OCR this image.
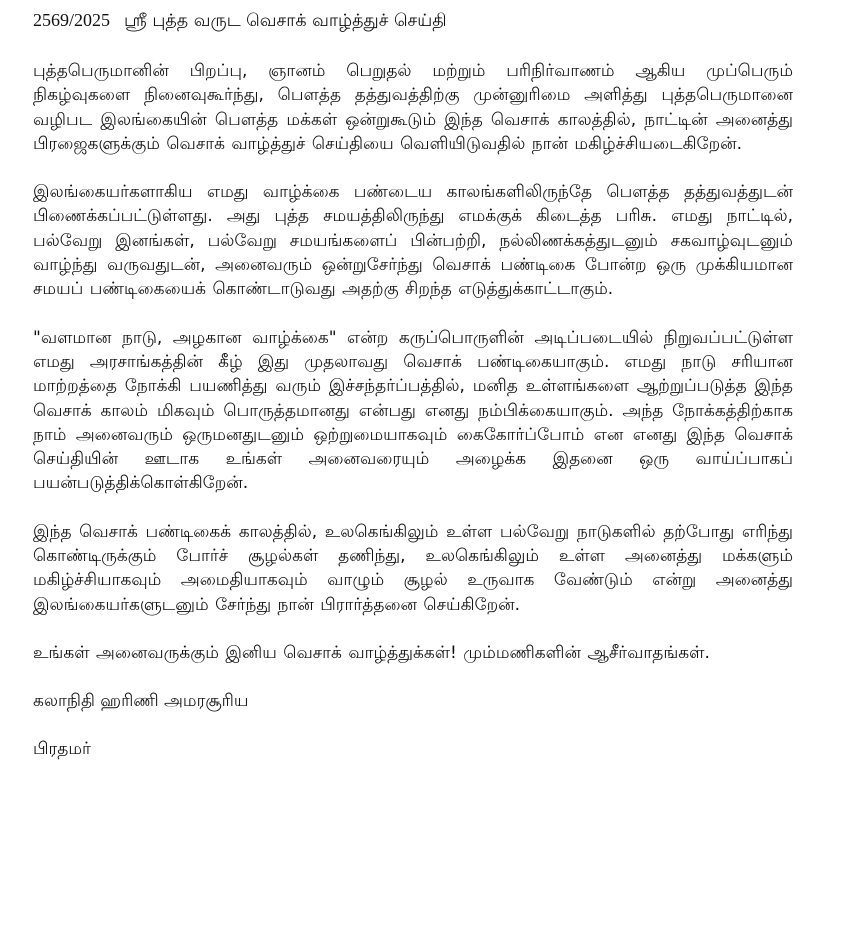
2569/2025 ஸ்ரீ புத்த வருட வெசாக் வாழ்த்துச் செய்தி

புத்தபெருமானின் பிறப்பு, ஞானம் பெறுதல் மற்றும் பரிநிர்வாணம் ஆகிய முப்பெரும் நிகழ்வுகளை நினைவுகூர்ந்து, பௌத்த தத்துவத்திற்கு முன்னுரிமை அளித்து புத்தபெருமானை வழிபட இலங்கையின் பௌத்த மக்கள் ஒன்றுகூடும் இந்த வெசாக் காலத்தில், நாட்டின் அனைத்து பிரஜைகளுக்கும் வெசாக் வாழ்த்துச் செய்தியை வெளியிடுவதில் நான் மகிழ்ச்சியடைகிறேன்.

இலங்கையர்களாகிய எமது வாழ்க்கை பண்டைய காலங்களிலிருந்தே பௌத்த தத்துவத்துடன் பிணைக்கப்பட்டுள்ளது. அது புத்த சமயத்திலிருந்து எமக்குக் கிடைத்த பரிசு. எமது நாட்டில், பல்வேறு இனங்கள், பல்வேறு சமயங்களைப் பின்பற்றி, நல்லிணக்கத்துடனும் சகவாழ்வுடனும் வாழ்ந்து வருவதுடன், அனைவரும் ஒன்றுசேர்ந்து வெசாக் பண்டிகை போன்ற ஒரு முக்கியமான சமயப் பண்டிகையைக் கொண்டாடுவது அதற்கு சிறந்த எடுத்துக்காட்டாகும்.

"வளமான நாடு, அழகான வாழ்க்கை" என்ற கருப்பொருளின் அடிப்படையில் நிறுவப்பட்டுள்ள எமது அரசாங்கத்தின் கீழ் இது முதலாவது வெசாக் பண்டிகையாகும். எமது நாடு சரியான மாற்றத்தை நோக்கி பயணித்து வரும் இச்சந்தர்ப்பத்தில், மனித உள்ளங்களை ஆற்றுப்படுத்த இந்த வெசாக் காலம் மிகவும் பொருத்தமானது என்பது எனது நம்பிக்கையாகும். அந்த நோக்கத்திற்காக நாம் அனைவரும் ஒருமனதுடனும் ஒற்றுமையாகவும் கைகோர்ப்போம் என எனது இந்த வெசாக் செய்தியின் ஊடாக உங்கள் அனைவரையும் அழைக்க இதனை ஒரு வாய்ப்பாகப் பயன்படுத்திக்கொள்கிறேன்.

இந்த வெசாக் பண்டிகைக் காலத்தில், உலகெங்கிலும் உள்ள பல்வேறு நாடுகளில் தற்போது எரிந்து கொண்டிருக்கும் போர்ச் சூழல்கள் தணிந்து, உலகெங்கிலும் உள்ள அனைத்து மக்களும் மகிழ்ச்சியாகவும் அமைதியாகவும் வாழும் சூழல் உருவாக வேண்டும் என்று அனைத்து இலங்கையர்களுடனும் சேர்ந்து நான் பிரார்த்தனை செய்கிறேன்.

உங்கள் அனைவருக்கும் இனிய வெசாக் வாழ்த்துக்கள்! மும்மணிகளின் ஆசீர்வாதங்கள்.

கலாநிதி ஹரிணி அமரசூரிய
பிரதமர்
